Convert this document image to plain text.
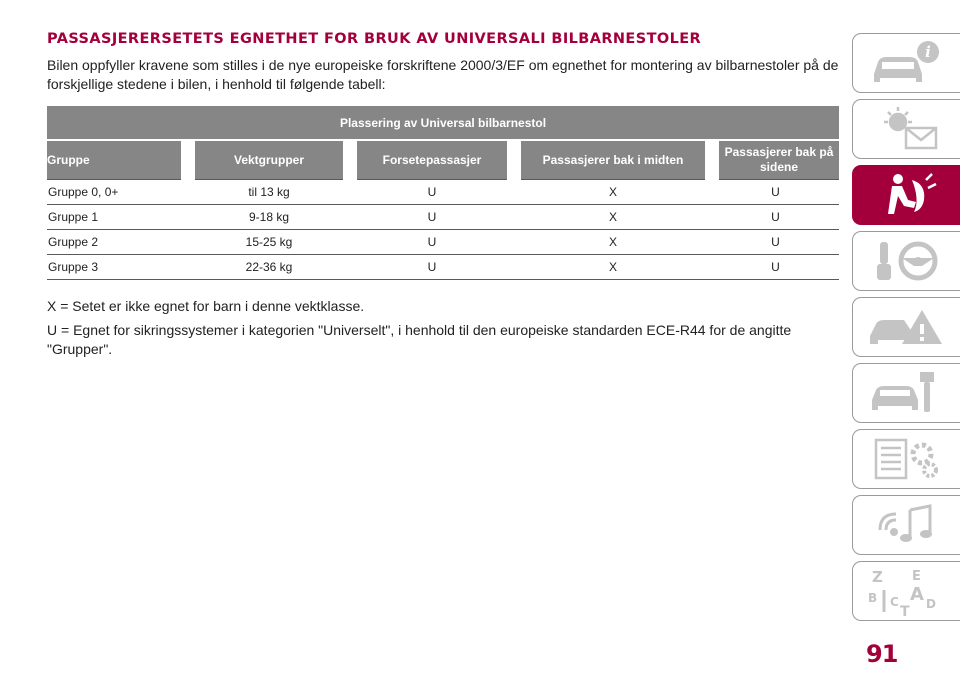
PASSASJERERSETETS EGNETHET FOR BRUK AV UNIVERSALI BILBARNESTOLER

Bilen oppfyller kravene som stilles i de nye europeiske forskriftene 2000/3/EF om egnethet for montering av bilbarnestoler på de forskjellige stedene i bilen, i henhold til følgende tabell:

Plassering av Universal bilbarnestol				
Gruppe	Vektgrupper	Forsetepassasjer	Passasjerer bak i midten	Passasjerer bak på sidene
Gruppe 0, 0+	til 13 kg	U	X	U
Gruppe 1	9-18 kg	U	X	U
Gruppe 2	15-25 kg	U	X	U
Gruppe 3	22-36 kg	U	X	U

X = Setet er ikke egnet for barn i denne vektklasse.

U = Egnet for sikringssystemer i kategorien "Universelt", i henhold til den europeiske standarden ECE-R44 for de angitte "Grupper".

i
Z E
B A
C D
T
91
